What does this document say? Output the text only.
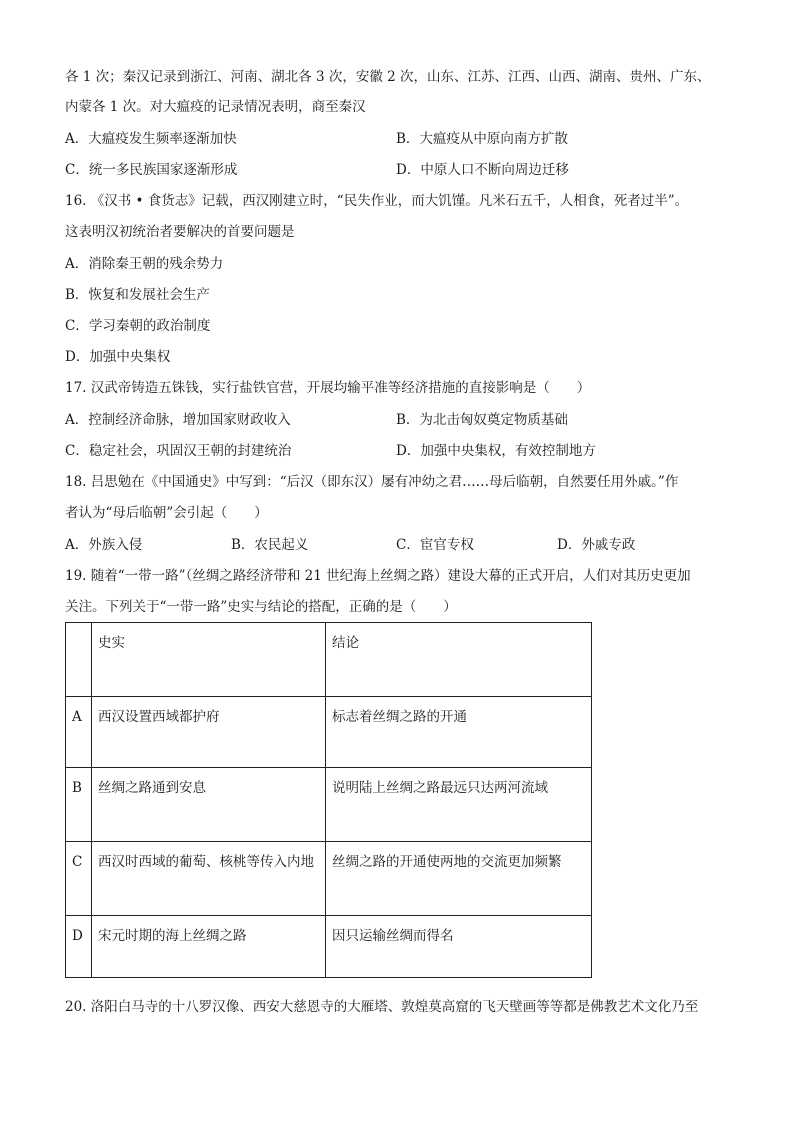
各 1 次；秦汉记录到浙江、河南、湖北各 3 次，安徽 2 次，山东、江苏、江西、山西、湖南、贵州、广东、
内蒙各 1 次。对大瘟疫的记录情况表明，商至秦汉
A．大瘟疫发生频率逐渐加快	B．大瘟疫从中原向南方扩散
C．统一多民族国家逐渐形成	D．中原人口不断向周边迁移
16. 《汉书 • 食货志》记载，西汉刚建立时，“民失作业，而大饥馑。凡米石五千，人相食，死者过半”。
这表明汉初统治者要解决的首要问题是
A．消除秦王朝的残余势力
B．恢复和发展社会生产
C．学习秦朝的政治制度
D．加强中央集权
17. 汉武帝铸造五铢钱，实行盐铁官营，开展均输平准等经济措施的直接影响是（　　）
A．控制经济命脉，增加国家财政收入	B．为北击匈奴奠定物质基础
C．稳定社会，巩固汉王朝的封建统治	D．加强中央集权，有效控制地方
18. 吕思勉在《中国通史》中写到：“后汉（即东汉）屡有冲幼之君……母后临朝，自然要任用外戚。”作
者认为“母后临朝”会引起（　　）
A．外族入侵	B．农民起义	C．宦官专权	D．外戚专政
19. 随着“一带一路”（丝绸之路经济带和 21 世纪海上丝绸之路）建设大幕的正式开启，人们对其历史更加
关注。下列关于“一带一路”史实与结论的搭配，正确的是（　　）
	史实	结论
A	西汉设置西域都护府	标志着丝绸之路的开通
B	丝绸之路通到安息	说明陆上丝绸之路最远只达两河流域
C	西汉时西域的葡萄、核桃等传入内地	丝绸之路的开通使两地的交流更加频繁
D	宋元时期的海上丝绸之路	因只运输丝绸而得名
20. 洛阳白马寺的十八罗汉像、西安大慈恩寺的大雁塔、敦煌莫高窟的飞天壁画等等都是佛教艺术文化乃至
